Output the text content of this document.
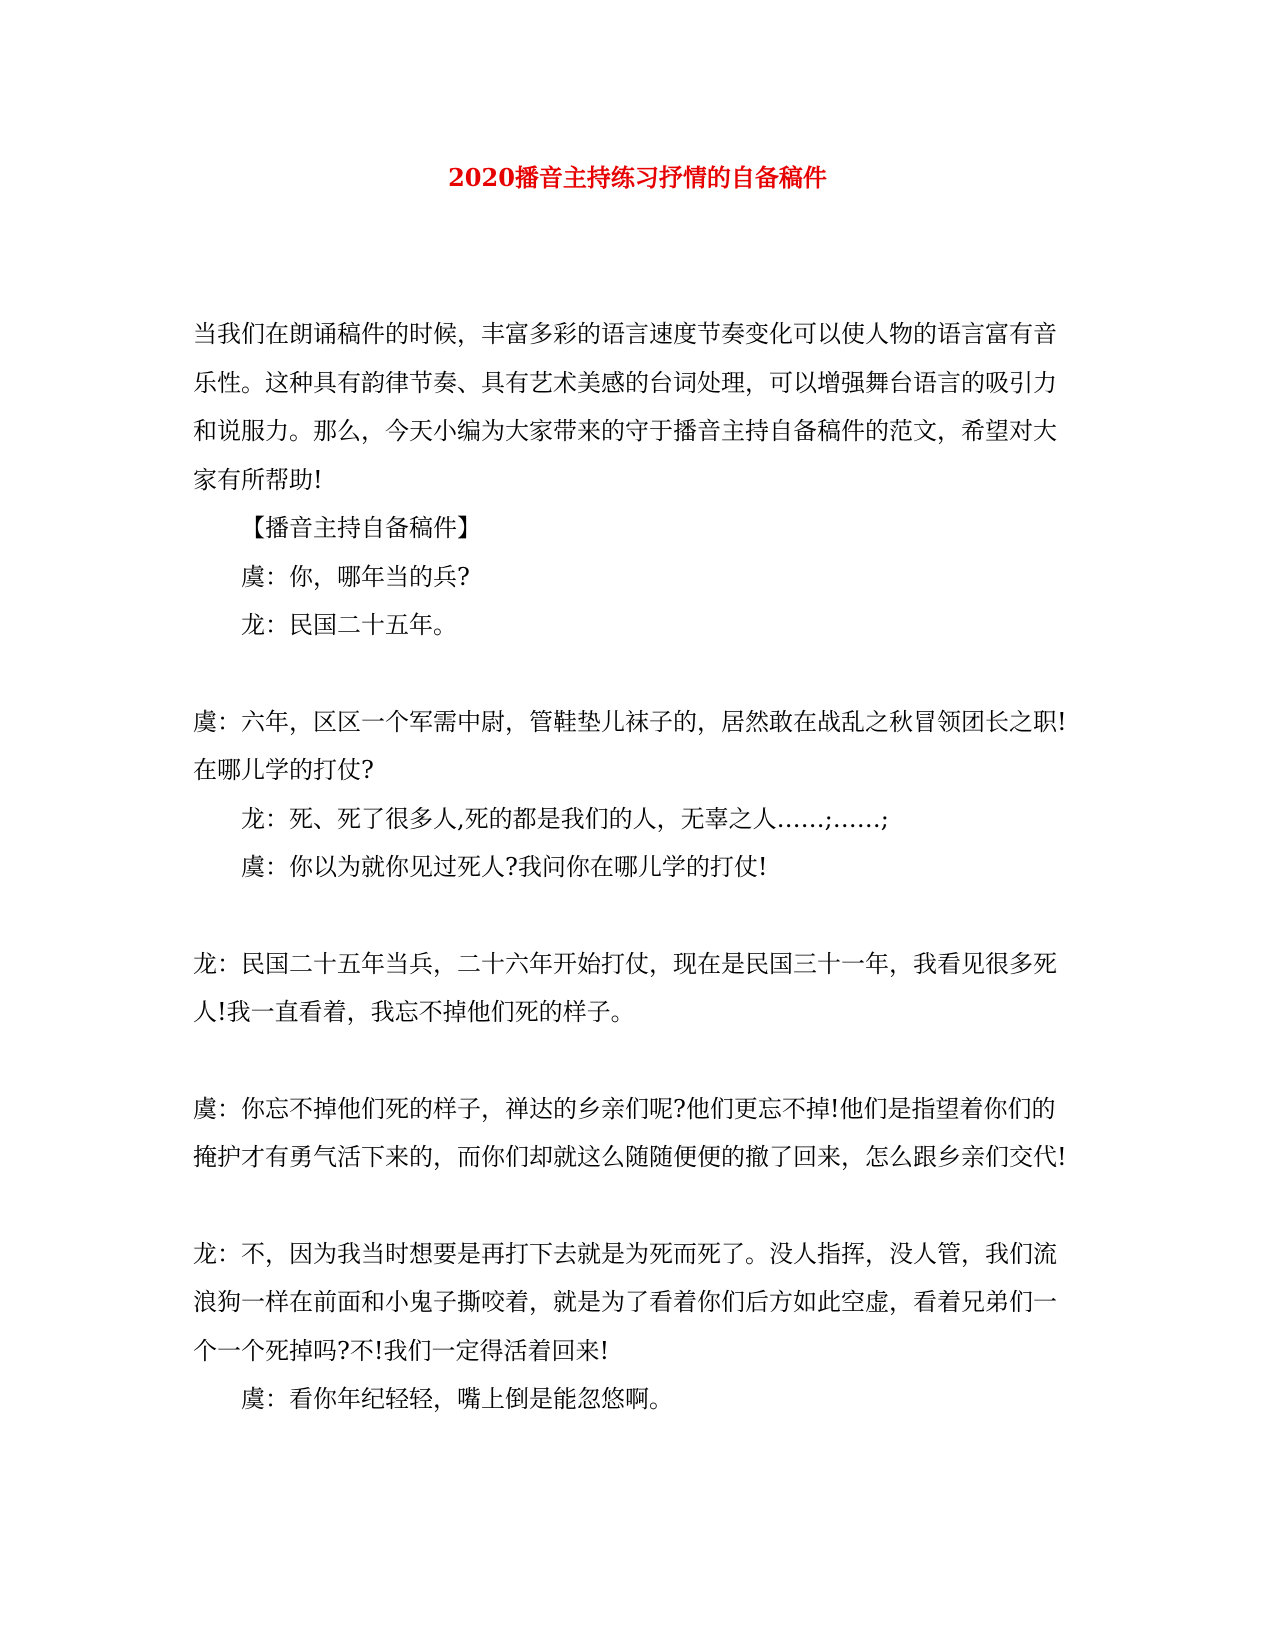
2020播音主持练习抒情的自备稿件

当我们在朗诵稿件的时候，丰富多彩的语言速度节奏变化可以使人物的语言富有音乐性。这种具有韵律节奏、具有艺术美感的台词处理，可以增强舞台语言的吸引力和说服力。那么，今天小编为大家带来的守于播音主持自备稿件的范文，希望对大家有所帮助!

【播音主持自备稿件】

虞：你，哪年当的兵?

龙：民国二十五年。

虞：六年，区区一个军需中尉，管鞋垫儿袜子的，居然敢在战乱之秋冒领团长之职!在哪儿学的打仗?

龙：死、死了很多人,死的都是我们的人，无辜之人……;……;

虞：你以为就你见过死人?我问你在哪儿学的打仗!

龙：民国二十五年当兵，二十六年开始打仗，现在是民国三十一年，我看见很多死人!我一直看着，我忘不掉他们死的样子。

虞：你忘不掉他们死的样子，禅达的乡亲们呢?他们更忘不掉!他们是指望着你们的掩护才有勇气活下来的，而你们却就这么随随便便的撤了回来，怎么跟乡亲们交代!

龙：不，因为我当时想要是再打下去就是为死而死了。没人指挥，没人管，我们流浪狗一样在前面和小鬼子撕咬着，就是为了看着你们后方如此空虚，看着兄弟们一个一个死掉吗?不!我们一定得活着回来!

虞：看你年纪轻轻，嘴上倒是能忽悠啊。
